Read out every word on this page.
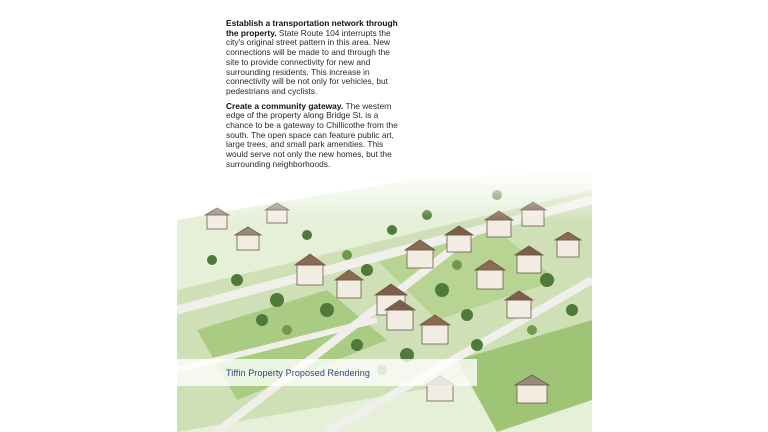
Establish a transportation network through the property. State Route 104 interrupts the city's original street pattern in this area. New connections will be made to and through the site to provide connectivity for new and surrounding residents. This increase in connectivity will be not only for vehicles, but pedestrians and cyclists.

Create a community gateway. The western edge of the property along Bridge St. is a chance to be a gateway to Chillicothe from the south. The open space can feature public art, large trees, and small park amenities. This would serve not only the new homes, but the surrounding neighborhoods.

Tiffin Property Proposed Rendering
